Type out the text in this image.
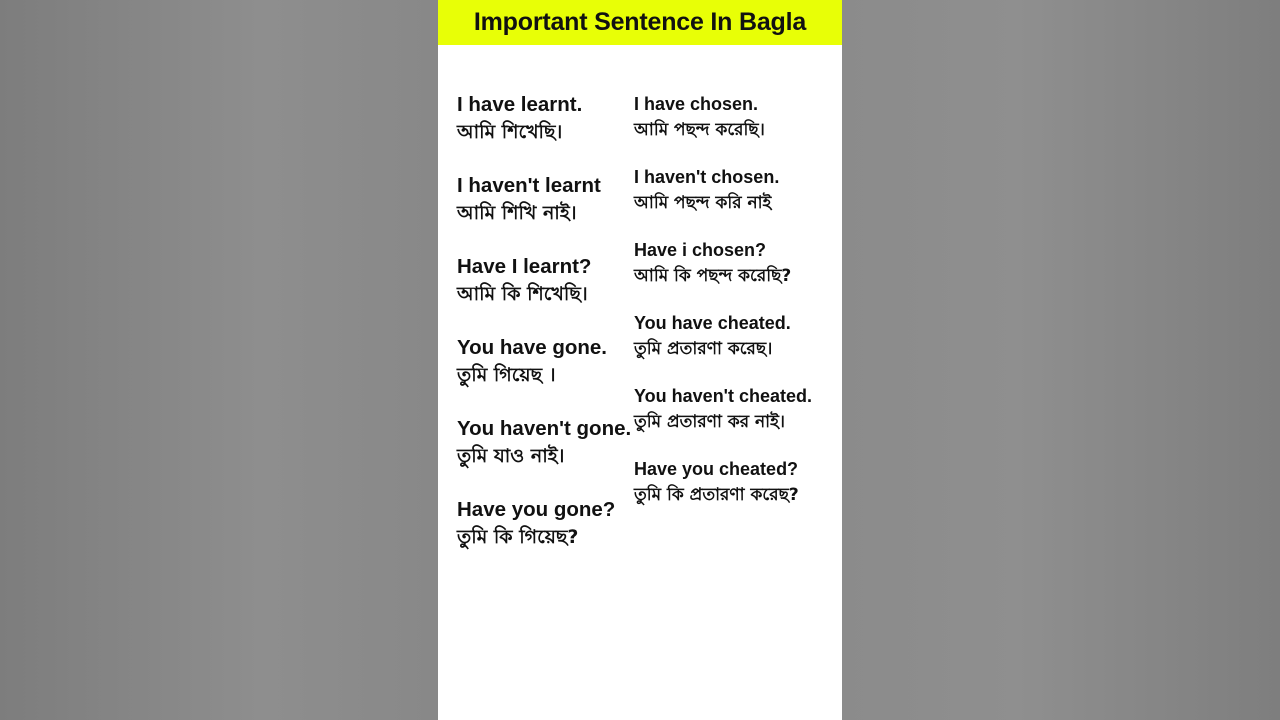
Important Sentence In Bagla
I have learnt.
আমি শিখেছি।
I haven't learnt
আমি শিখি নাই।
Have I learnt?
আমি কি শিখেছি।
You have gone.
তুমি গিয়েছ ।
You haven't gone.
তুমি যাও নাই।
Have you gone?
তুমি কি গিয়েছ?
I have chosen.
আমি পছন্দ করেছি।
I haven't chosen.
আমি পছন্দ করি নাই
Have i chosen?
আমি কি পছন্দ করেছি?
You have cheated.
তুমি প্রতারণা করেছ।
You haven't cheated.
তুমি প্রতারণা কর নাই।
Have you cheated?
তুমি কি প্রতারণা করেছ?
